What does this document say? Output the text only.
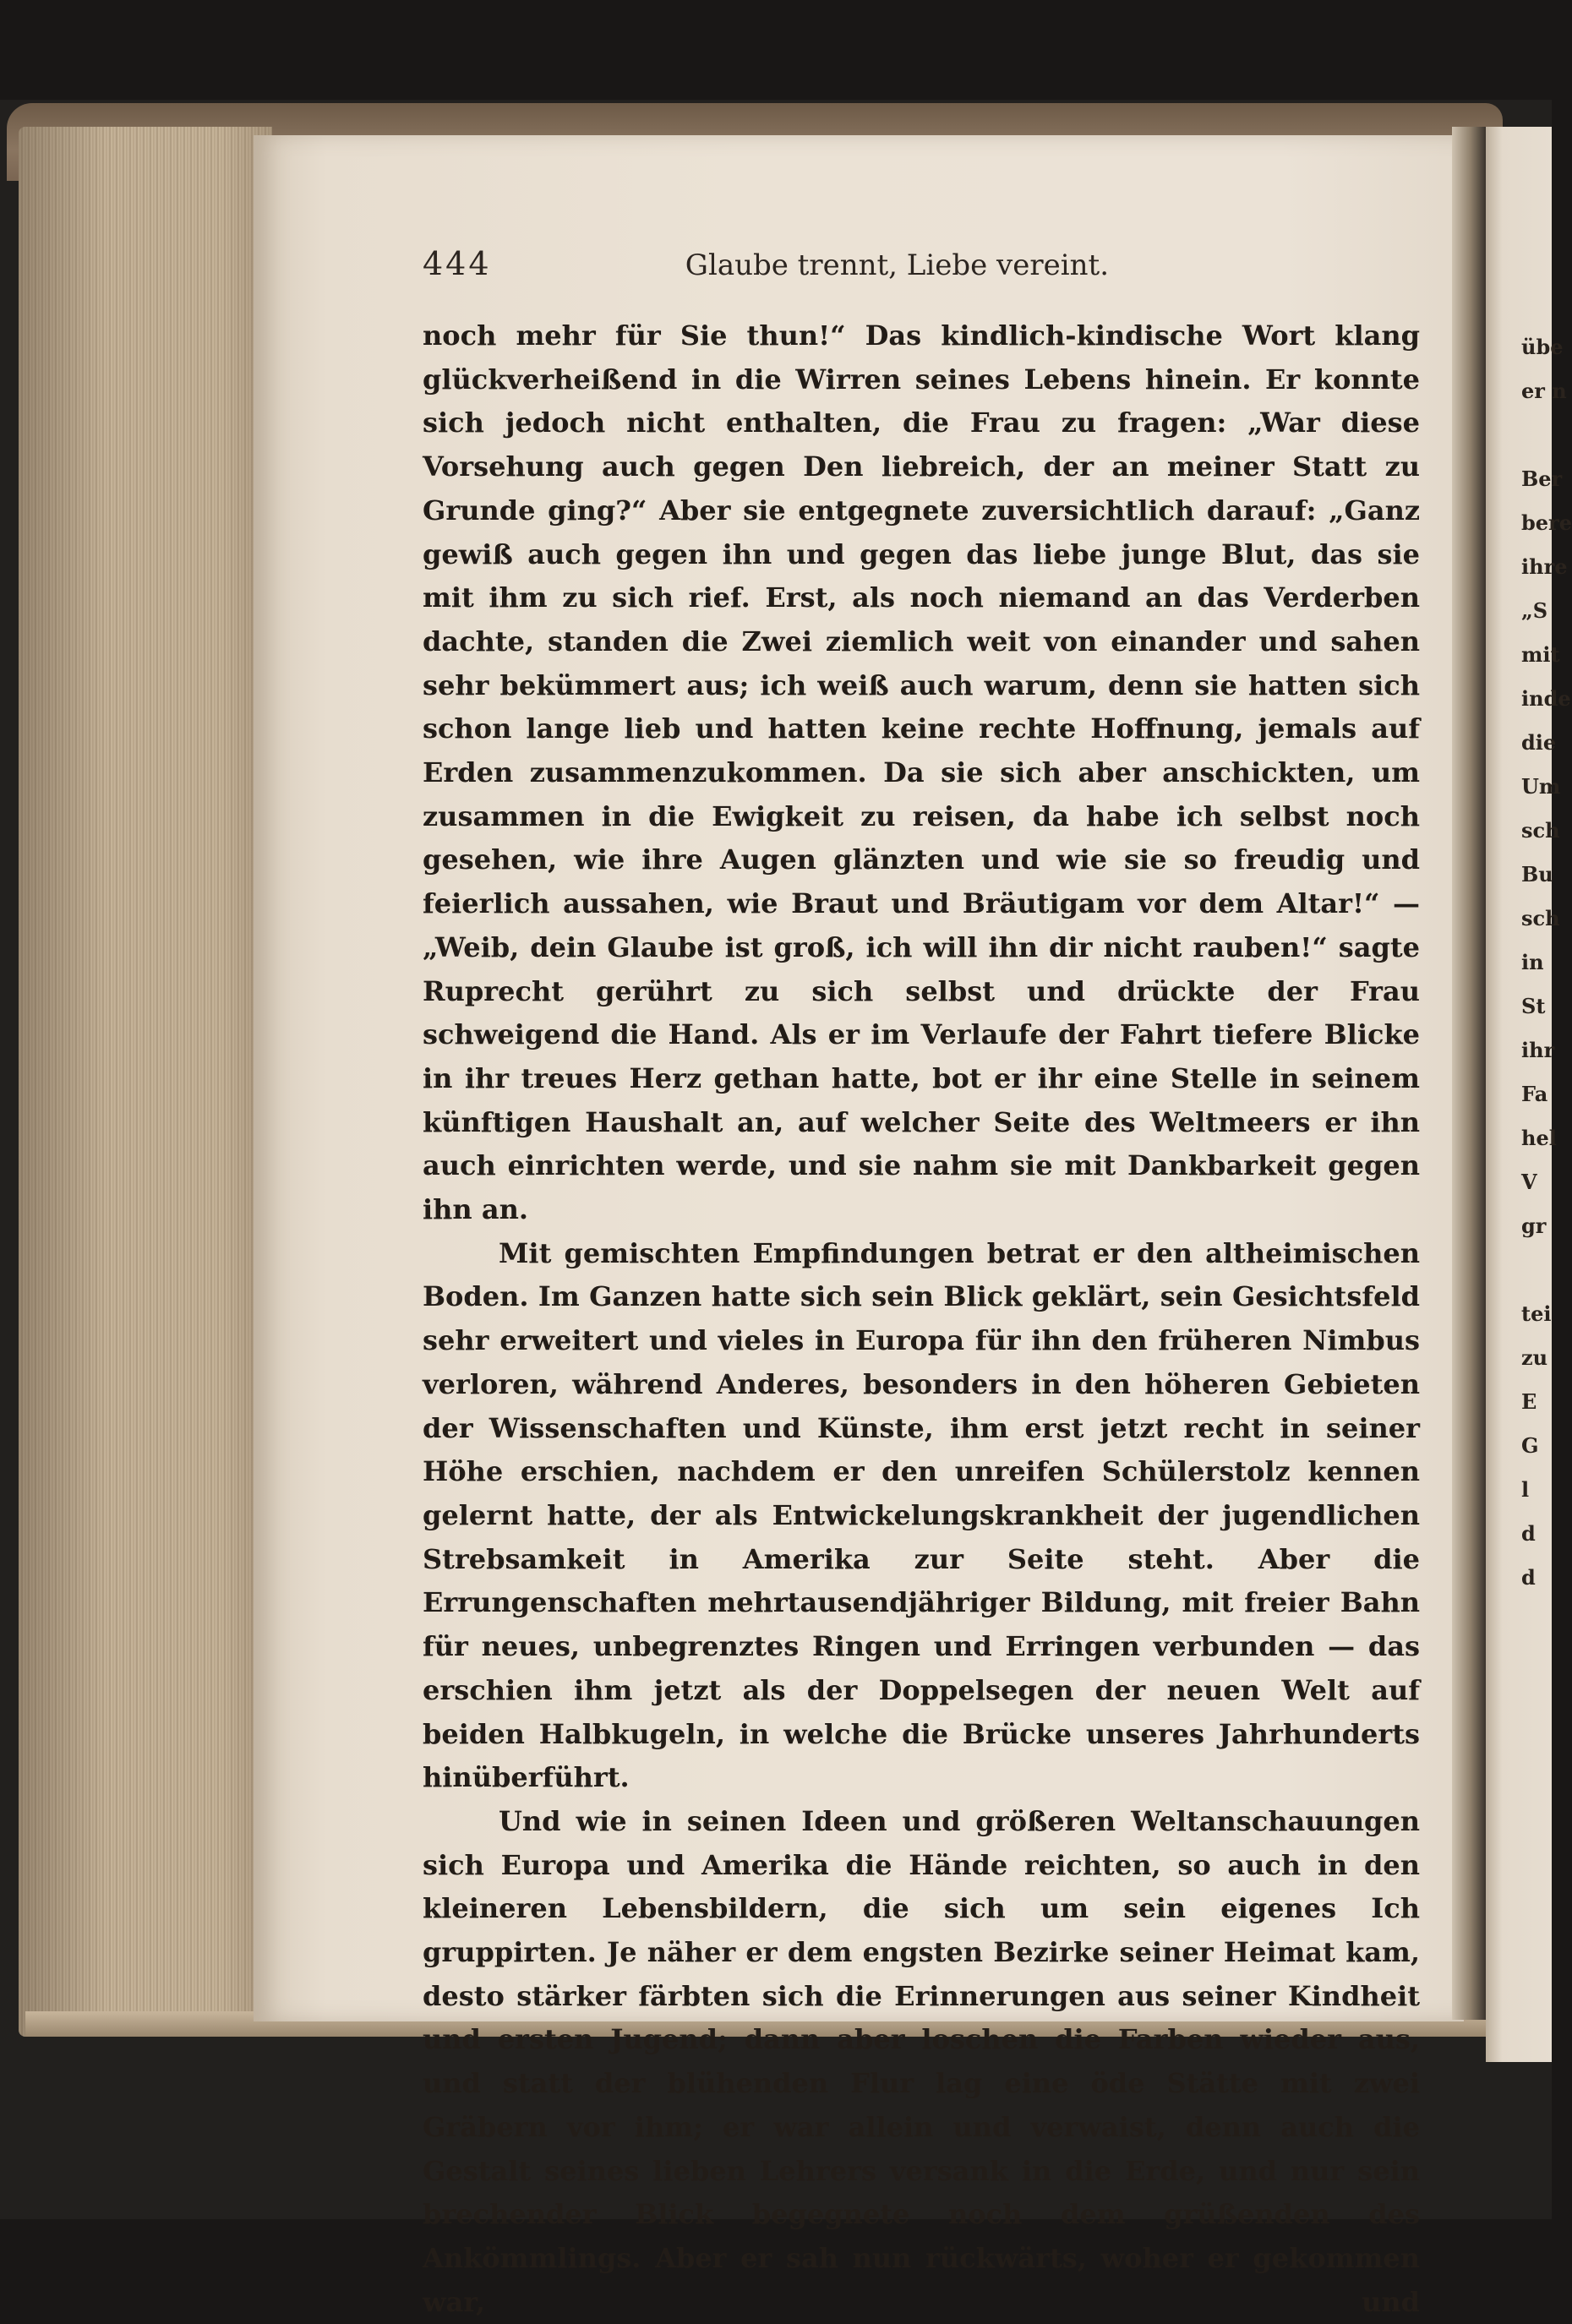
444	Glaube trennt, Liebe vereint.

noch mehr für Sie thun!“ Das kindlich-kindische Wort klang glückverheißend in die Wirren seines Lebens hinein. Er konnte sich jedoch nicht enthalten, die Frau zu fragen: „War diese Vorsehung auch gegen Den liebreich, der an meiner Statt zu Grunde ging?“ Aber sie entgegnete zuversichtlich darauf: „Ganz gewiß auch gegen ihn und gegen das liebe junge Blut, das sie mit ihm zu sich rief. Erst, als noch niemand an das Verderben dachte, standen die Zwei ziemlich weit von einander und sahen sehr bekümmert aus; ich weiß auch warum, denn sie hatten sich schon lange lieb und hatten keine rechte Hoffnung, jemals auf Erden zusammenzukommen. Da sie sich aber anschickten, um zusammen in die Ewigkeit zu reisen, da habe ich selbst noch gesehen, wie ihre Augen glänzten und wie sie so freudig und feierlich aussahen, wie Braut und Bräutigam vor dem Altar!“ — „Weib, dein Glaube ist groß, ich will ihn dir nicht rauben!“ sagte Ruprecht gerührt zu sich selbst und drückte der Frau schweigend die Hand. Als er im Verlaufe der Fahrt tiefere Blicke in ihr treues Herz gethan hatte, bot er ihr eine Stelle in seinem künftigen Haushalt an, auf welcher Seite des Weltmeers er ihn auch einrichten werde, und sie nahm sie mit Dankbarkeit gegen ihn an.

Mit gemischten Empfindungen betrat er den altheimischen Boden. Im Ganzen hatte sich sein Blick geklärt, sein Gesichtsfeld sehr erweitert und vieles in Europa für ihn den früheren Nimbus verloren, während Anderes, besonders in den höheren Gebieten der Wissenschaften und Künste, ihm erst jetzt recht in seiner Höhe erschien, nachdem er den unreifen Schülerstolz kennen gelernt hatte, der als Entwickelungskrankheit der jugendlichen Strebsamkeit in Amerika zur Seite steht. Aber die Errungenschaften mehrtausendjähriger Bildung, mit freier Bahn für neues, unbegrenztes Ringen und Erringen verbunden — das erschien ihm jetzt als der Doppelsegen der neuen Welt auf beiden Halbkugeln, in welche die Brücke unseres Jahrhunderts hinüberführt.

Und wie in seinen Ideen und größeren Weltanschauungen sich Europa und Amerika die Hände reichten, so auch in den kleineren Lebensbildern, die sich um sein eigenes Ich gruppirten. Je näher er dem engsten Bezirke seiner Heimat kam, desto stärker färbten sich die Erinnerungen aus seiner Kindheit und ersten Jugend; dann aber loschen die Farben wieder aus, und statt der blühenden Flur lag eine öde Stätte mit zwei Gräbern vor ihm; er war allein und verwaist, denn auch die Gestalt seines lieben Lehrers versank in die Erde, und nur sein brechender Blick begegnete noch dem grüßenden des Ankömmlings. Aber er sah nun rückwärts, woher er gekommen war, und

übe
er n
Ber
bere
ihre
„S
mit
inde
die
Um
sch
Bu
sch
in
St
ihr
Fa
hel
V
gr
tei
zu
E
G
l
d
d
